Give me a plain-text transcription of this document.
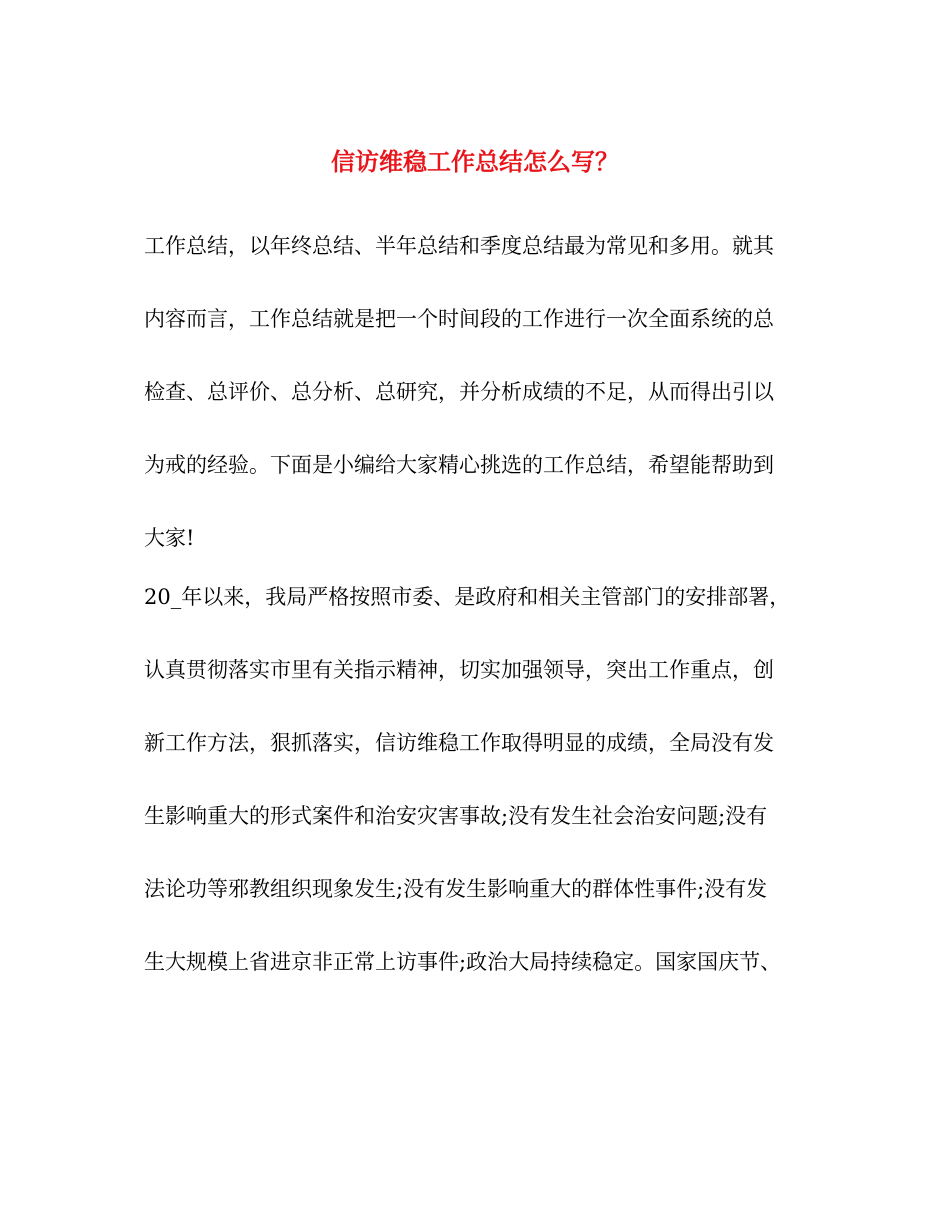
信访维稳工作总结怎么写？
工作总结，以年终总结、半年总结和季度总结最为常见和多用。就其
内容而言，工作总结就是把一个时间段的工作进行一次全面系统的总
检查、总评价、总分析、总研究，并分析成绩的不足，从而得出引以
为戒的经验。下面是小编给大家精心挑选的工作总结，希望能帮助到
大家!
20_年以来，我局严格按照市委、是政府和相关主管部门的安排部署，
认真贯彻落实市里有关指示精神，切实加强领导，突出工作重点，创
新工作方法，狠抓落实，信访维稳工作取得明显的成绩，全局没有发
生影响重大的形式案件和治安灾害事故;没有发生社会治安问题;没有
法论功等邪教组织现象发生;没有发生影响重大的群体性事件;没有发
生大规模上省进京非正常上访事件;政治大局持续稳定。国家国庆节、
